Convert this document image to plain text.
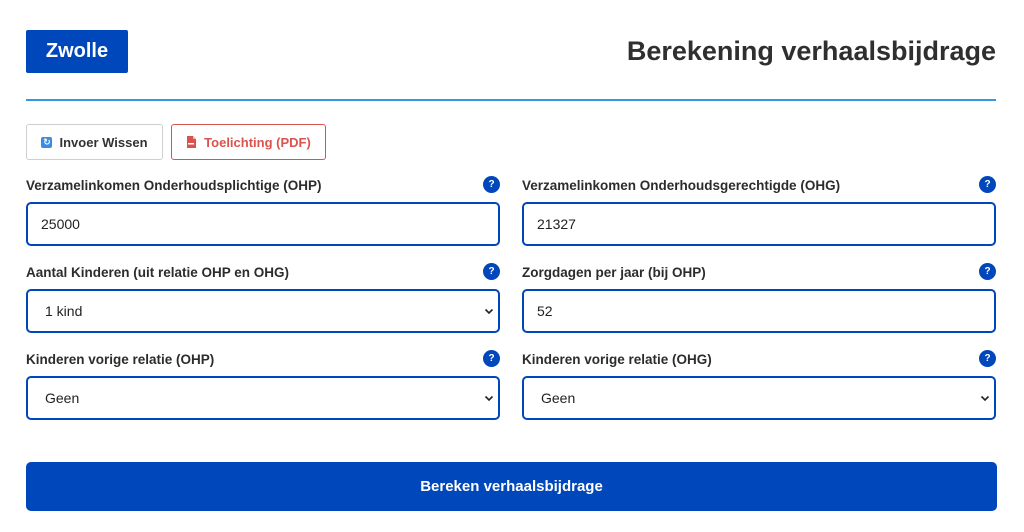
Zwolle	Berekening verhaalsbijdrage
↻ Invoer Wissen	Toelichting (PDF)
Verzamelinkomen Onderhoudsplichtige (OHP)	?
25000
Verzamelinkomen Onderhoudsgerechtigde (OHG)	?
21327
Aantal Kinderen (uit relatie OHP en OHG)	?
1 kind
Zorgdagen per jaar (bij OHP)	?
52
Kinderen vorige relatie (OHP)	?
Geen
Kinderen vorige relatie (OHG)	?
Geen
Bereken verhaalsbijdrage
